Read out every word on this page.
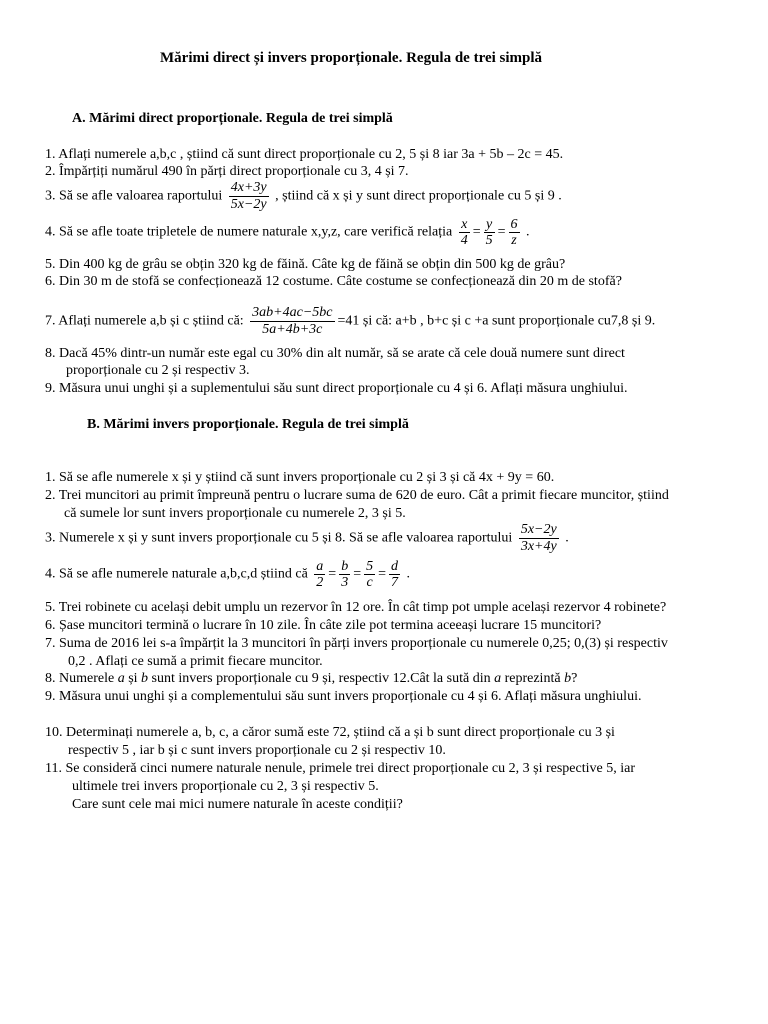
Mărimi direct și invers proporționale. Regula de trei simplă
A. Mărimi direct proporționale. Regula de trei simplă
1. Aflați numerele a,b,c , știind că sunt direct proporționale cu 2, 5 și 8 iar 3a + 5b – 2c = 45.
2. Împărțiți numărul 490 în părți direct proporționale cu 3, 4 și 7.
3. Să se afle valoarea raportului $\frac{4x+3y}{5x-2y}$ , știind că x și y sunt direct proporționale cu 5 și 9 .
4. Să se afle toate tripletele de numere naturale x,y,z, care verifică relația $\frac{x}{4} = \frac{y}{5} = \frac{6}{z}$ .
5. Din 400 kg de grâu se obțin 320 kg de făină. Câte kg de făină se obțin din 500 kg de grâu?
6. Din 30 m de stofă se confecționează 12 costume. Câte costume se confecționează din 20 m de stofă?
7. Aflați numerele a,b și c știind că: $\frac{3ab+4ac-5bc}{5a+4b+3c} =41$ și că: a+b , b+c și c +a sunt proporționale cu7,8 și 9.
8. Dacă 45% dintr-un număr este egal cu 30% din alt număr, să se arate că cele două numere sunt direct
proporționale cu 2 și respectiv 3.
9. Măsura unui unghi și a suplementului său sunt direct proporționale cu 4 și 6. Aflați măsura unghiului.
B. Mărimi invers proporționale. Regula de trei simplă
1. Să se afle numerele x și y știind că sunt invers proporționale cu 2 și 3 și că 4x + 9y = 60.
2. Trei muncitori au primit împreună pentru o lucrare suma de 620 de euro. Cât a primit fiecare muncitor, știind
că sumele lor sunt invers proporționale cu numerele 2, 3 și 5.
3. Numerele x și y sunt invers proporționale cu 5 și 8. Să se afle valoarea raportului $\frac{5x-2y}{3x+4y}$ .
4. Să se afle numerele naturale a,b,c,d știind că $\frac{a}{2} = \frac{b}{3} = \frac{5}{c} = \frac{d}{7}$ .
5. Trei robinete cu același debit umplu un rezervor în 12 ore. În cât timp pot umple același rezervor 4 robinete?
6. Șase muncitori termină o lucrare în 10 zile. În câte zile pot termina aceeași lucrare 15 muncitori?
7. Suma de 2016 lei s-a împărțit la 3 muncitori în părți invers proporționale cu numerele 0,25; 0,(3) și respectiv
0,2 . Aflați ce sumă a primit fiecare muncitor.
8. Numerele a și b sunt invers proporționale cu 9 și, respectiv 12.Cât la sută din a reprezintă b?
9. Măsura unui unghi și a complementului său sunt invers proporționale cu 4 și 6. Aflați măsura unghiului.
10. Determinați numerele a, b, c, a căror sumă este 72, știind că a și b sunt direct proporționale cu 3 și
respectiv 5 , iar b și c sunt invers proporționale cu 2 și respectiv 10.
11. Se consideră cinci numere naturale nenule, primele trei direct proporționale cu 2, 3 și respective 5, iar
ultimele trei invers proporționale cu 2, 3 și respectiv 5.
Care sunt cele mai mici numere naturale în aceste condiții?
